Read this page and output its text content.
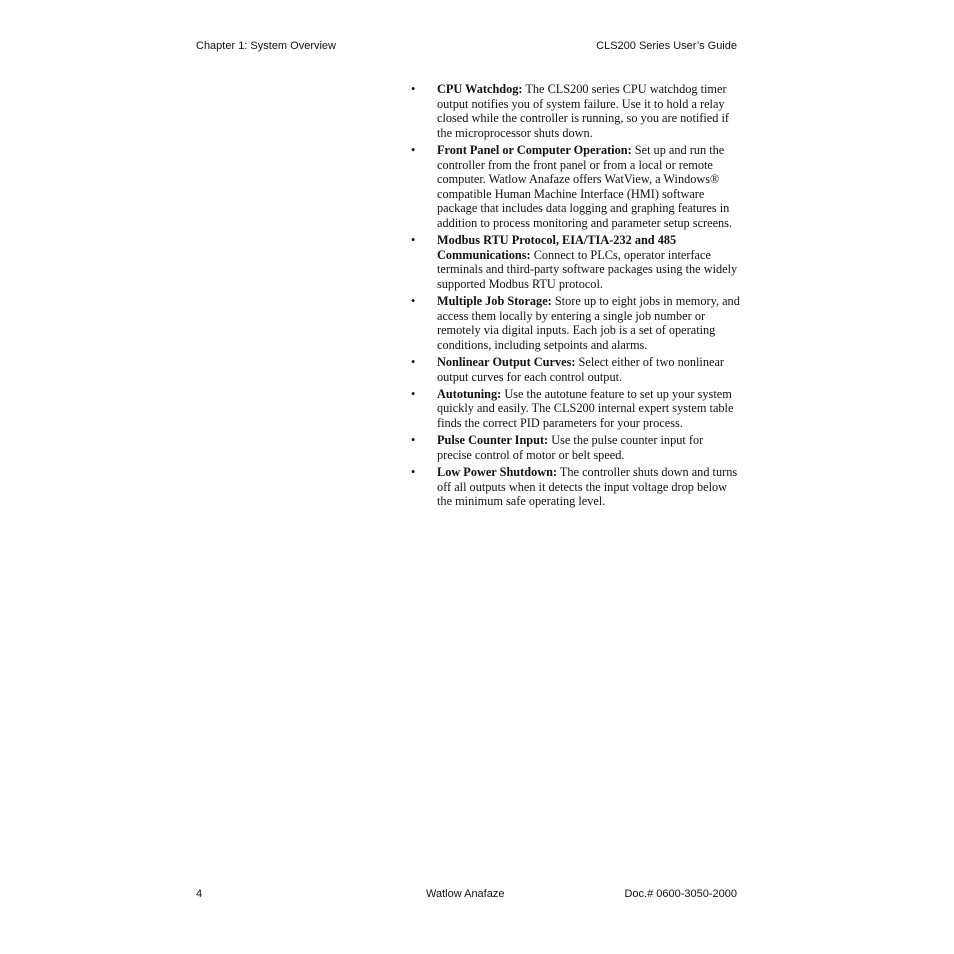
Chapter 1: System Overview	CLS200 Series User’s Guide
• CPU Watchdog: The CLS200 series CPU watchdog timer output notifies you of system failure. Use it to hold a relay closed while the controller is running, so you are notified if the microprocessor shuts down.
• Front Panel or Computer Operation: Set up and run the controller from the front panel or from a local or remote computer. Watlow Anafaze offers WatView, a Windows® compatible Human Machine Interface (HMI) software package that includes data logging and graphing features in addition to process monitoring and parameter setup screens.
• Modbus RTU Protocol, EIA/TIA-232 and 485 Communications: Connect to PLCs, operator interface terminals and third-party software packages using the widely supported Modbus RTU protocol.
• Multiple Job Storage: Store up to eight jobs in memory, and access them locally by entering a single job number or remotely via digital inputs. Each job is a set of operating conditions, including setpoints and alarms.
• Nonlinear Output Curves: Select either of two nonlinear output curves for each control output.
• Autotuning: Use the autotune feature to set up your system quickly and easily. The CLS200 internal expert system table finds the correct PID parameters for your process.
• Pulse Counter Input: Use the pulse counter input for precise control of motor or belt speed.
• Low Power Shutdown: The controller shuts down and turns off all outputs when it detects the input voltage drop below the minimum safe operating level.
4	Watlow Anafaze	Doc.# 0600-3050-2000
